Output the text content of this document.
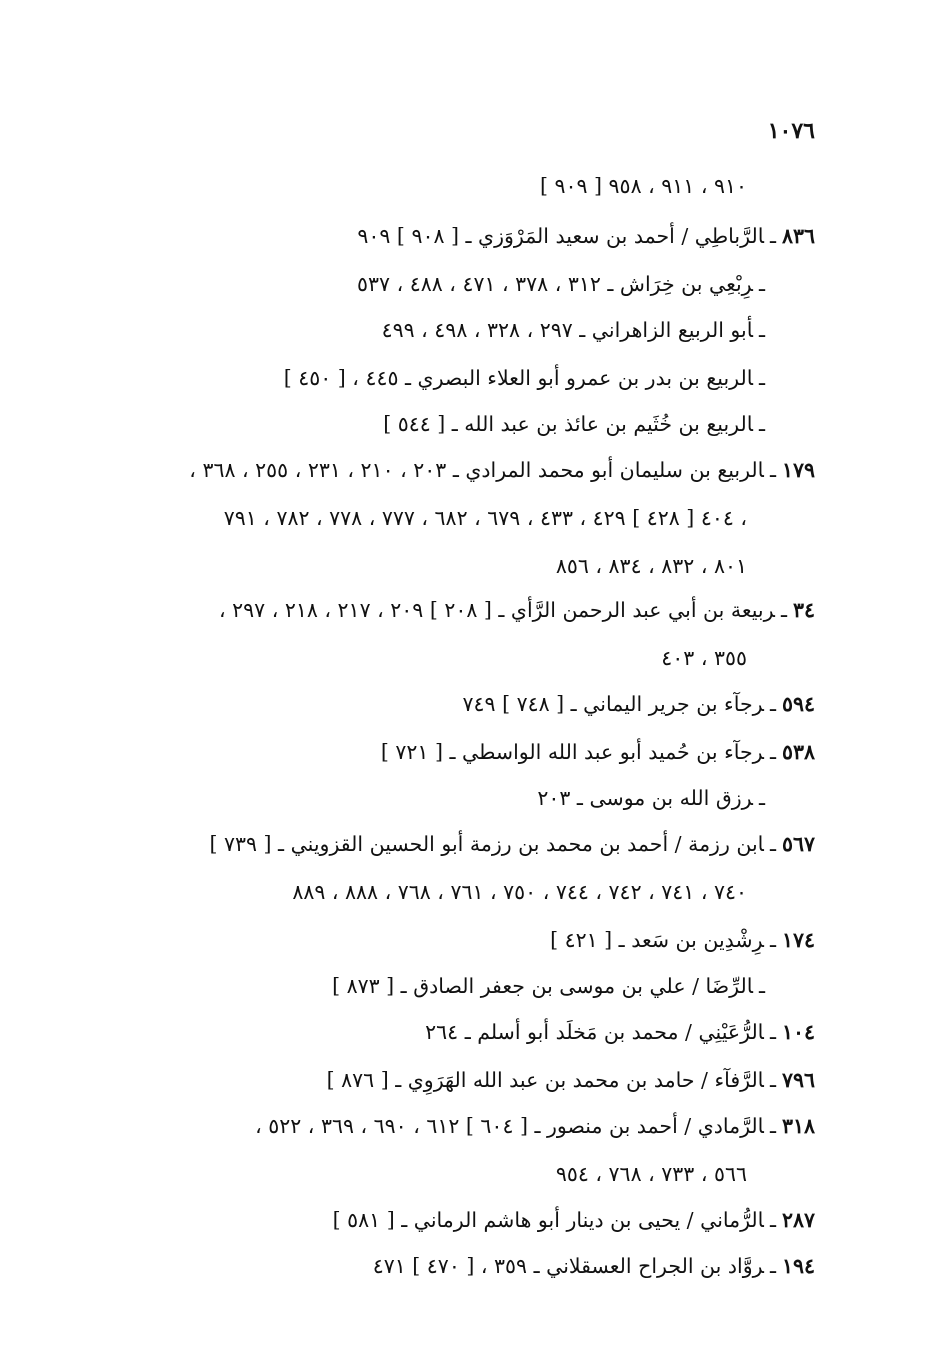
١٠٧٦
[ ٩٠٩ ] ٩١٠ ، ٩١١ ، ٩٥٨
٨٣٦ـالرَّباطِي / أحمد بن سعيد المَرْوَزي ـ [ ٩٠٨ ] ٩٠٩
ـرِبْعِي بن خِرَاش ـ ٣١٢ ، ٣٧٨ ، ٤٧١ ، ٤٨٨ ، ٥٣٧
ـأبو الربيع الزاهراني ـ ٢٩٧ ، ٣٢٨ ، ٤٩٨ ، ٤٩٩
ـالربيع بن بدر بن عمرو أبو العلاء البصري ـ ٤٤٥ ، [ ٤٥٠ ]
ـالربيع بن خُثَيم بن عائذ بن عبد الله ـ [ ٥٤٤ ]
١٧٩ـالربيع بن سليمان أبو محمد المرادي ـ ٢٠٣ ، ٢١٠ ، ٢٣١ ، ٢٥٥ ، ٣٦٨ ،
٤٠٤ [ ٤٢٨ ] ٤٢٩ ، ٤٣٣ ، ٦٧٩ ، ٦٨٢ ، ٧٧٧ ، ٧٧٨ ، ٧٨٢ ، ٧٩١ ،
٨٠١ ، ٨٣٢ ، ٨٣٤ ، ٨٥٦
٣٤ـربيعة بن أبي عبد الرحمن الرَّأي ـ [ ٢٠٨ ] ٢٠٩ ، ٢١٧ ، ٢١٨ ، ٢٩٧ ،
٣٥٥ ، ٤٠٣
٥٩٤ـرجآء بن جرير اليماني ـ [ ٧٤٨ ] ٧٤٩
٥٣٨ـرجآء بن حُميد أبو عبد الله الواسطي ـ [ ٧٢١ ]
ـرزق الله بن موسى ـ ٢٠٣
٥٦٧ـابن رزمة / أحمد بن محمد بن رزمة أبو الحسين القزويني ـ [ ٧٣٩ ]
٧٤٠ ، ٧٤١ ، ٧٤٢ ، ٧٤٤ ، ٧٥٠ ، ٧٦١ ، ٧٦٨ ، ٨٨٨ ، ٨٨٩
١٧٤ـرِشْدِين بن سَعد ـ [ ٤٢١ ]
ـالرِّضَا / علي بن موسى بن جعفر الصادق ـ [ ٨٧٣ ]
١٠٤ـالرُّعَيْنِي / محمد بن مَخلَد أبو أسلم ـ ٢٦٤
٧٩٦ـالرَّفآء / حامد بن محمد بن عبد الله الهَرَوِي ـ [ ٨٧٦ ]
٣١٨ـالرَّمادي / أحمد بن منصور ـ [ ٦٠٤ ] ٦١٢ ، ٦٩٠ ، ٣٦٩ ، ٥٢٢ ،
٥٦٦ ، ٧٣٣ ، ٧٦٨ ، ٩٥٤
٢٨٧ـالرُّماني / يحيى بن دينار أبو هاشم الرماني ـ [ ٥٨١ ]
١٩٤ـروَّاد بن الجراح العسقلاني ـ ٣٥٩ ، [ ٤٧٠ ] ٤٧١
